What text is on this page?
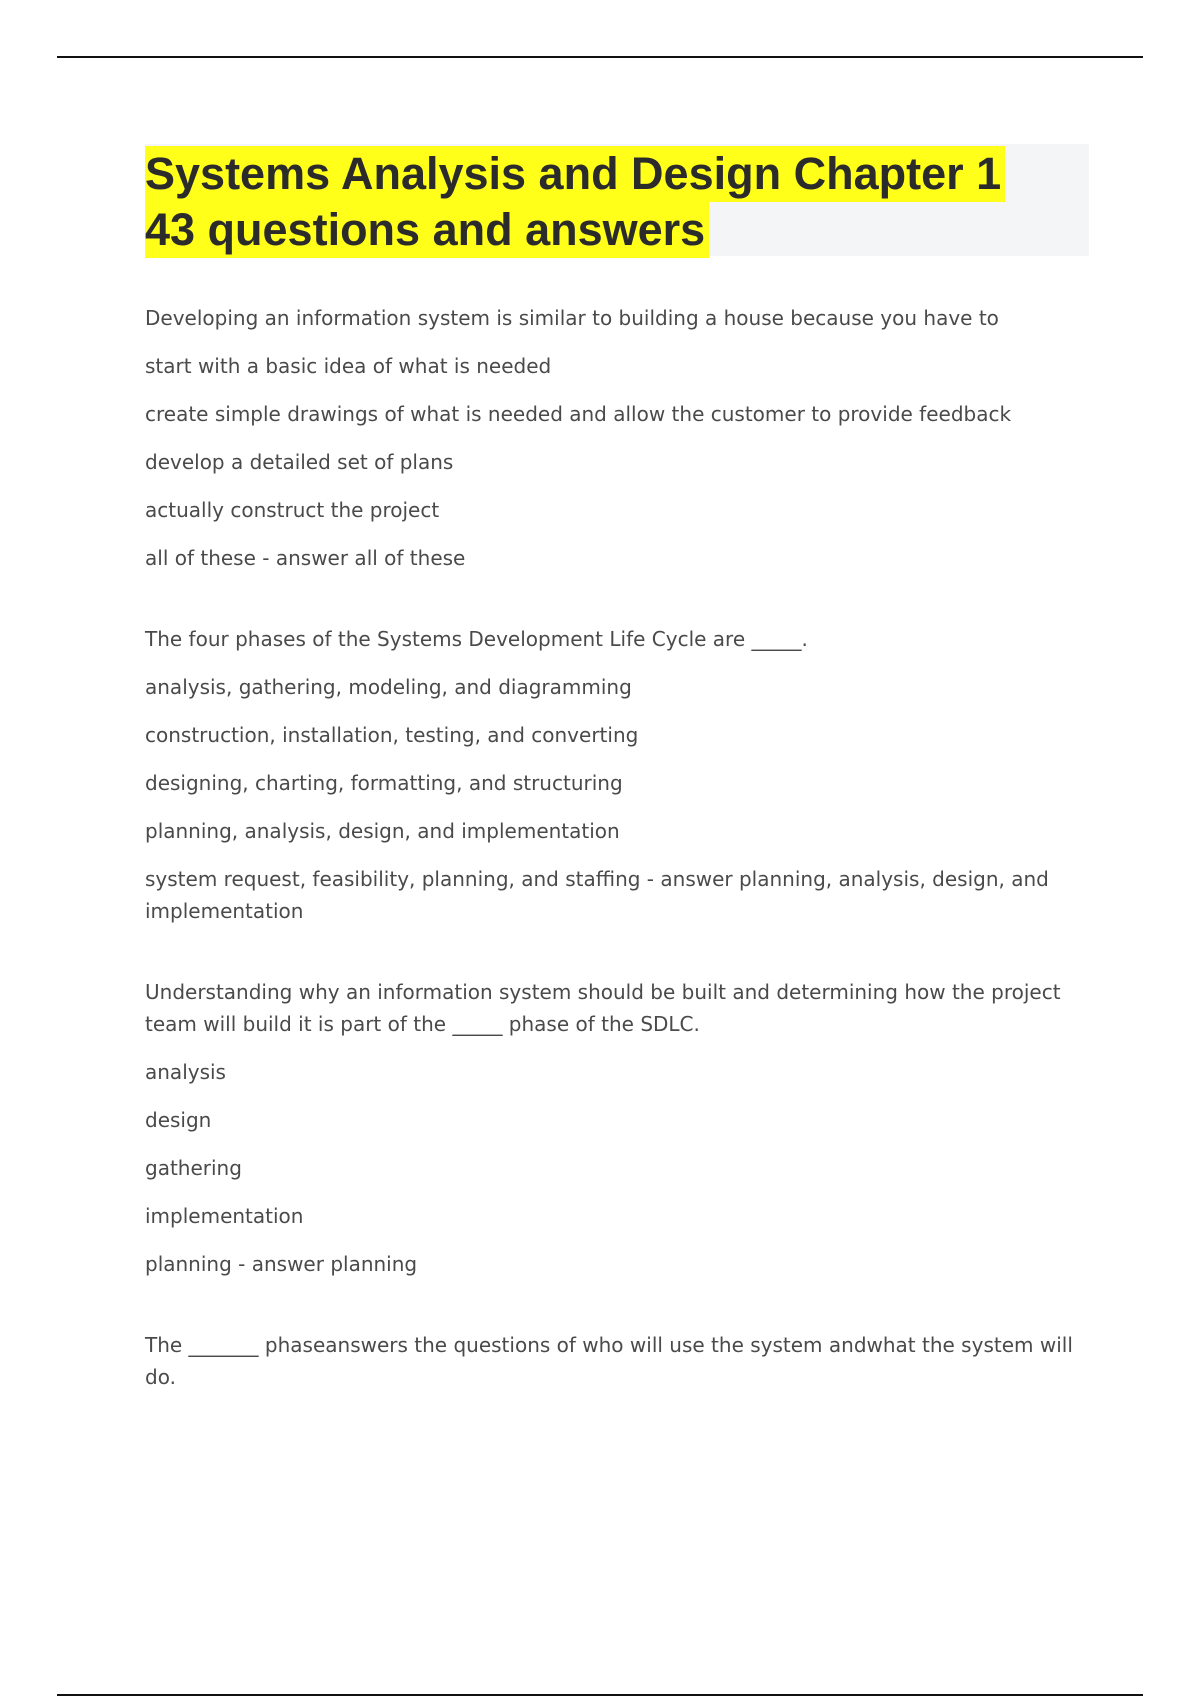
Systems Analysis and Design Chapter 1
43 questions and answers

Developing an information system is similar to building a house because you have to

start with a basic idea of what is needed

create simple drawings of what is needed and allow the customer to provide feedback

develop a detailed set of plans

actually construct the project

all of these - answer all of these

The four phases of the Systems Development Life Cycle are _____.

analysis, gathering, modeling, and diagramming

construction, installation, testing, and converting

designing, charting, formatting, and structuring

planning, analysis, design, and implementation

system request, feasibility, planning, and staffing - answer planning, analysis, design, and implementation

Understanding why an information system should be built and determining how the project team will build it is part of the _____ phase of the SDLC.

analysis

design

gathering

implementation

planning - answer planning

The _______ phaseanswers the questions of who will use the system andwhat the system will do.
